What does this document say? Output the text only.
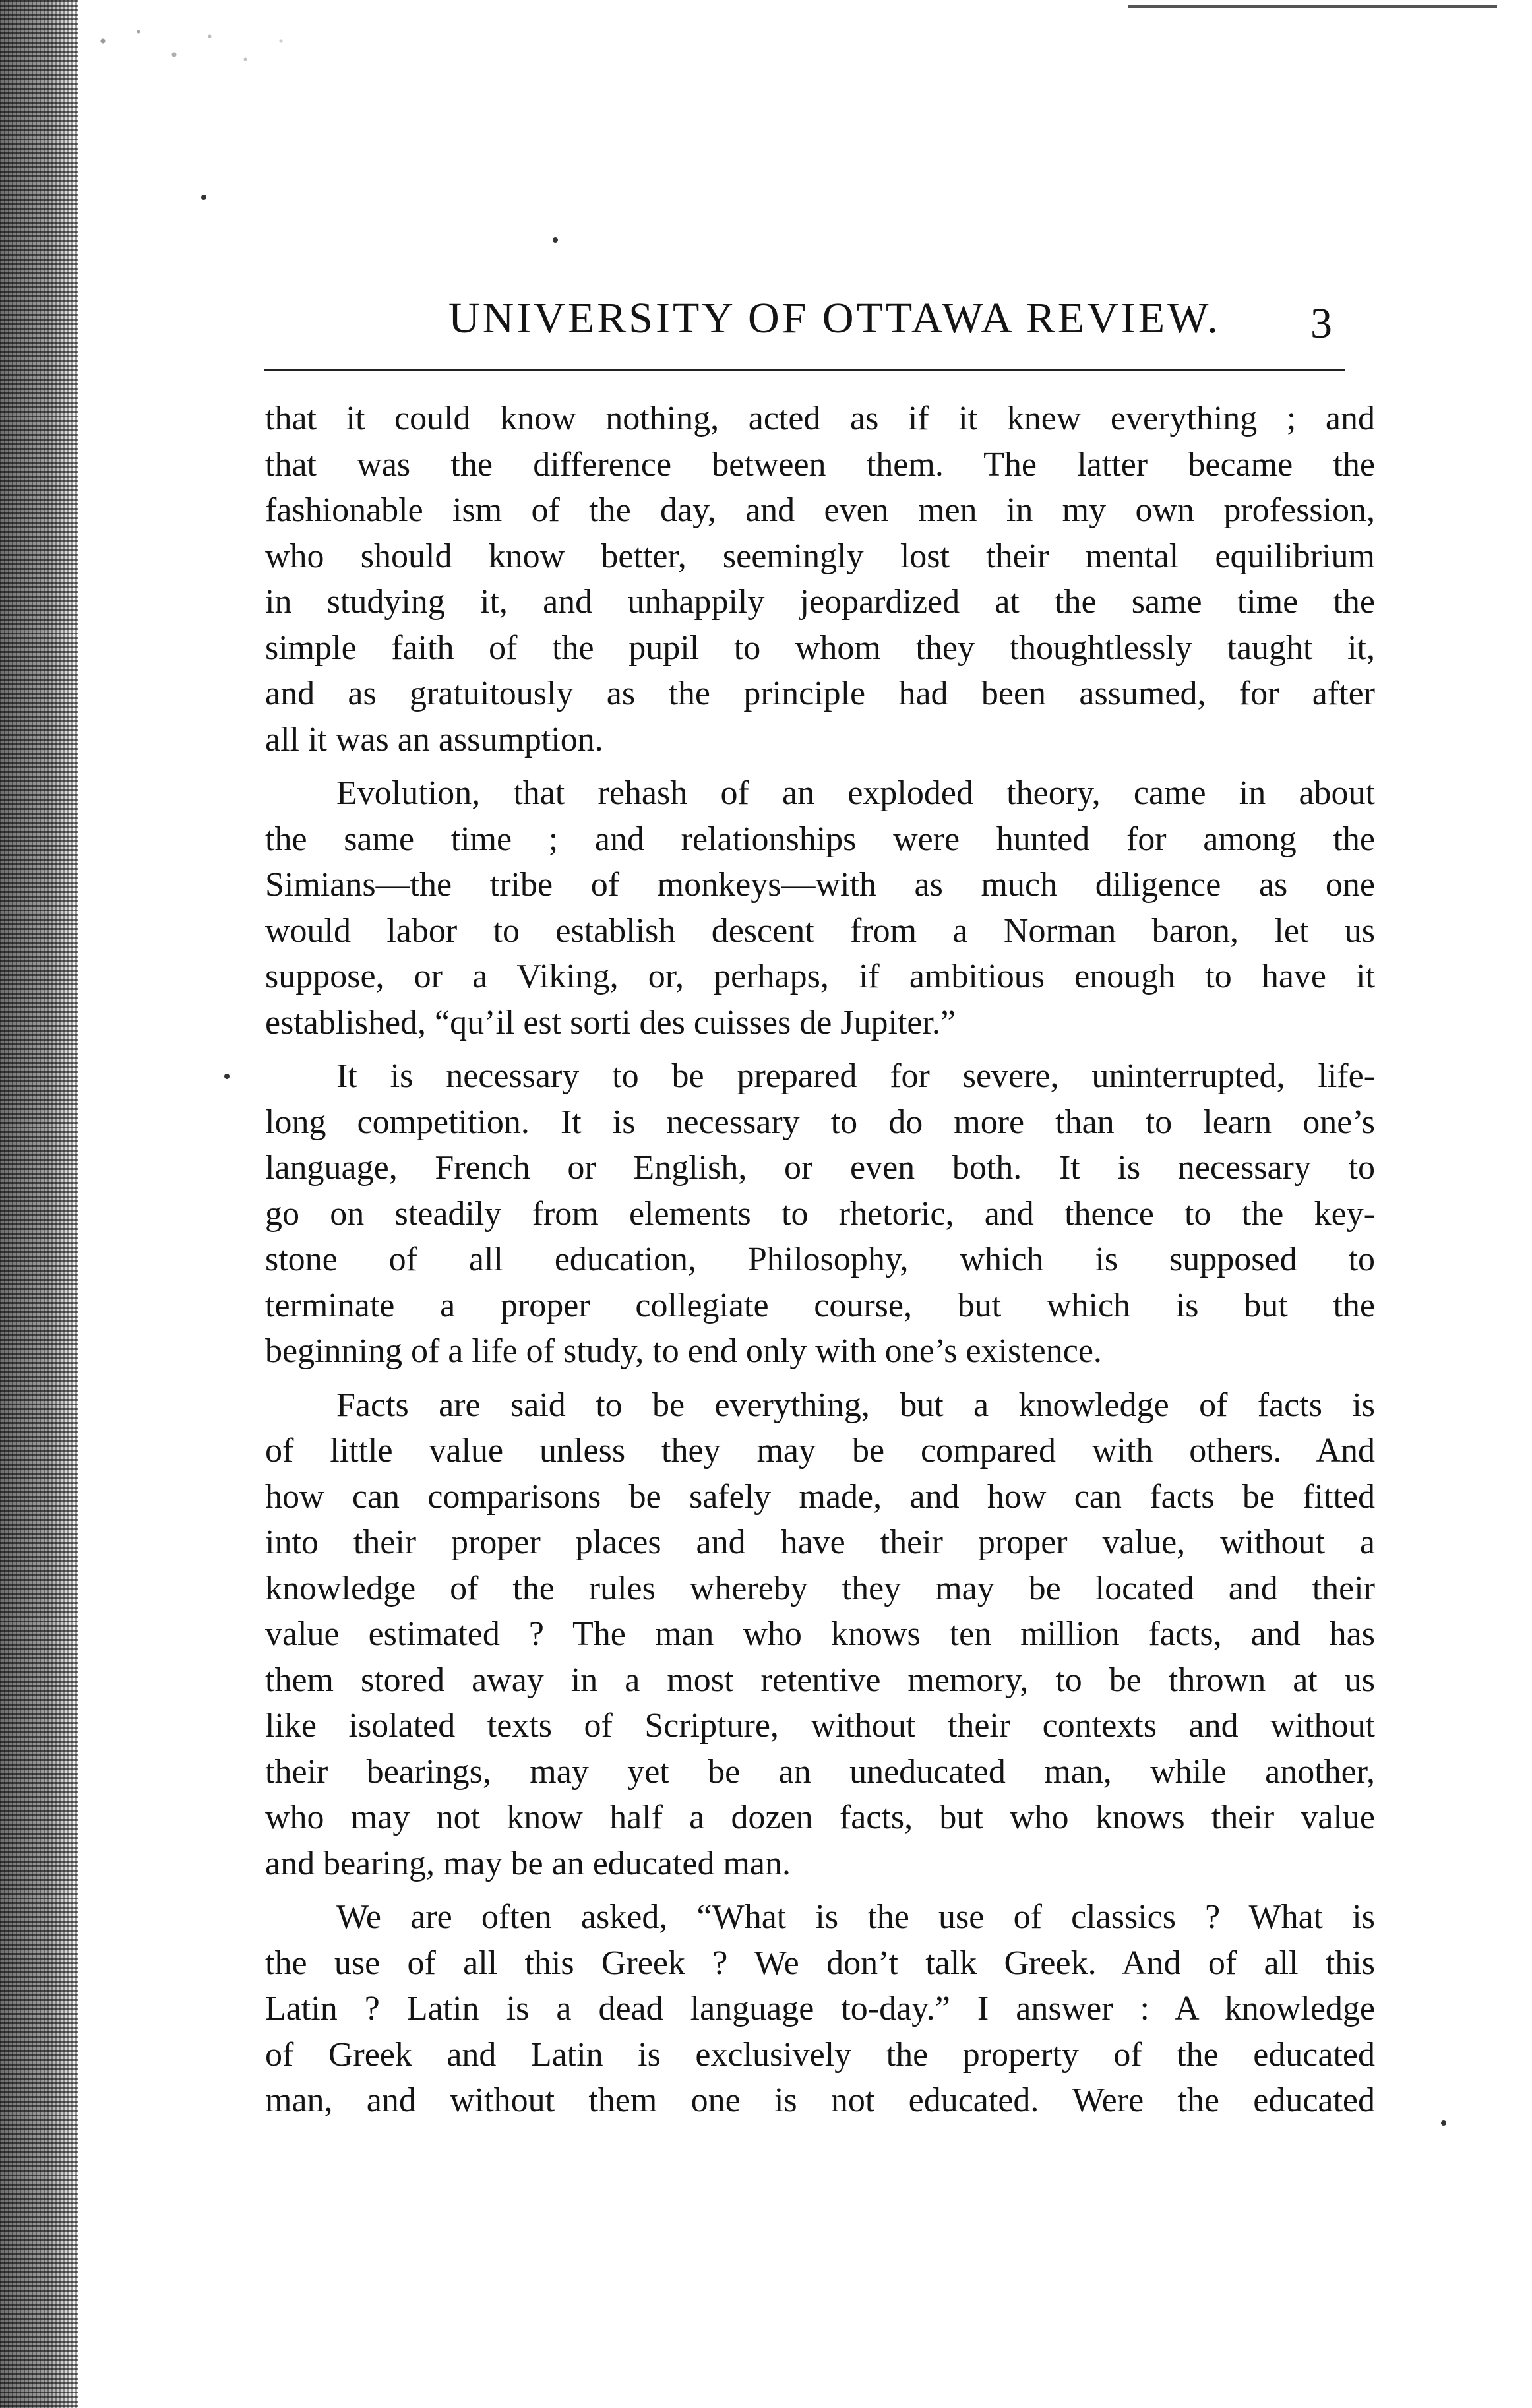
UNIVERSITY OF OTTAWA REVIEW. 3
that it could know nothing, acted as if it knew everything ; and
that was the difference between them. The latter became the
fashionable ism of the day, and even men in my own profession,
who should know better, seemingly lost their mental equilibrium
in studying it, and unhappily jeopardized at the same time the
simple faith of the pupil to whom they thoughtlessly taught it,
and as gratuitously as the principle had been assumed, for after
all it was an assumption.
Evolution, that rehash of an exploded theory, came in about
the same time ; and relationships were hunted for among the
Simians—the tribe of monkeys—with as much diligence as one
would labor to establish descent from a Norman baron, let us
suppose, or a Viking, or, perhaps, if ambitious enough to have it
established, “qu’il est sorti des cuisses de Jupiter.”
It is necessary to be prepared for severe, uninterrupted, life-
long competition. It is necessary to do more than to learn one’s
language, French or English, or even both. It is necessary to
go on steadily from elements to rhetoric, and thence to the key-
stone of all education, Philosophy, which is supposed to
terminate a proper collegiate course, but which is but the
beginning of a life of study, to end only with one’s existence.
Facts are said to be everything, but a knowledge of facts is
of little value unless they may be compared with others. And
how can comparisons be safely made, and how can facts be fitted
into their proper places and have their proper value, without a
knowledge of the rules whereby they may be located and their
value estimated ? The man who knows ten million facts, and has
them stored away in a most retentive memory, to be thrown at us
like isolated texts of Scripture, without their contexts and without
their bearings, may yet be an uneducated man, while another,
who may not know half a dozen facts, but who knows their value
and bearing, may be an educated man.
We are often asked, “What is the use of classics ? What is
the use of all this Greek ? We don’t talk Greek. And of all this
Latin ? Latin is a dead language to-day.” I answer : A knowledge
of Greek and Latin is exclusively the property of the educated
man, and without them one is not educated. Were the educated
